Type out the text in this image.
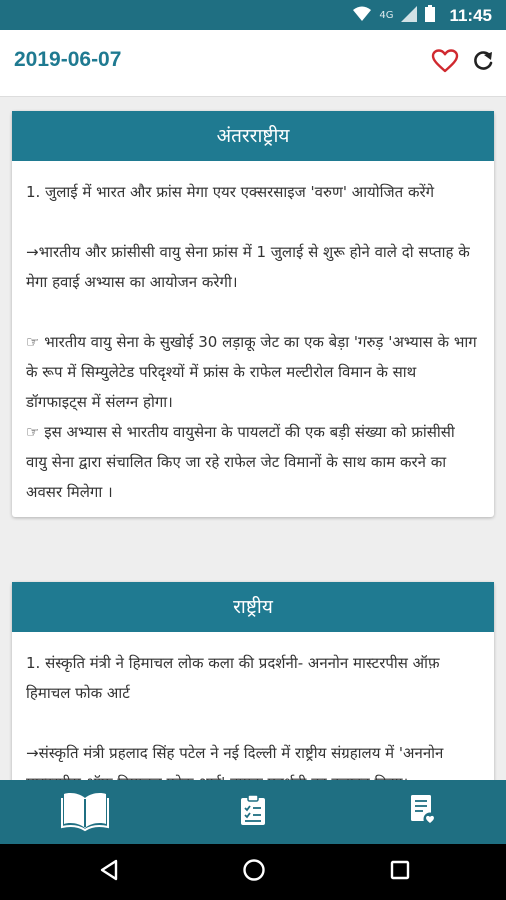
4G	11:45
2019-06-07
अंतरराष्ट्रीय

1. जुलाई में भारत और फ्रांस मेगा एयर एक्सरसाइज 'वरुण' आयोजित करेंगे

→भारतीय और फ्रांसीसी वायु सेना फ्रांस में 1 जुलाई से शुरू होने वाले दो सप्ताह के मेगा हवाई अभ्यास का आयोजन करेगी।

☞ भारतीय वायु सेना के सुखोई 30 लड़ाकू जेट का एक बेड़ा 'गरुड़ 'अभ्यास के भाग के रूप में सिम्युलेटेड परिदृश्यों में फ्रांस के राफेल मल्टीरोल विमान के साथ डॉगफाइट्स में संलग्न होगा।

☞ इस अभ्यास से भारतीय वायुसेना के पायलटों की एक बड़ी संख्या को फ्रांसीसी वायु सेना द्वारा संचालित किए जा रहे राफेल जेट विमानों के साथ काम करने का अवसर मिलेगा ।

राष्ट्रीय

1. संस्कृति मंत्री ने हिमाचल लोक कला की प्रदर्शनी- अननोन मास्टरपीस ऑफ़ हिमाचल फोक आर्ट

→संस्कृति मंत्री प्रहलाद सिंह पटेल ने नई दिल्ली में राष्ट्रीय संग्रहालय में 'अननोन
